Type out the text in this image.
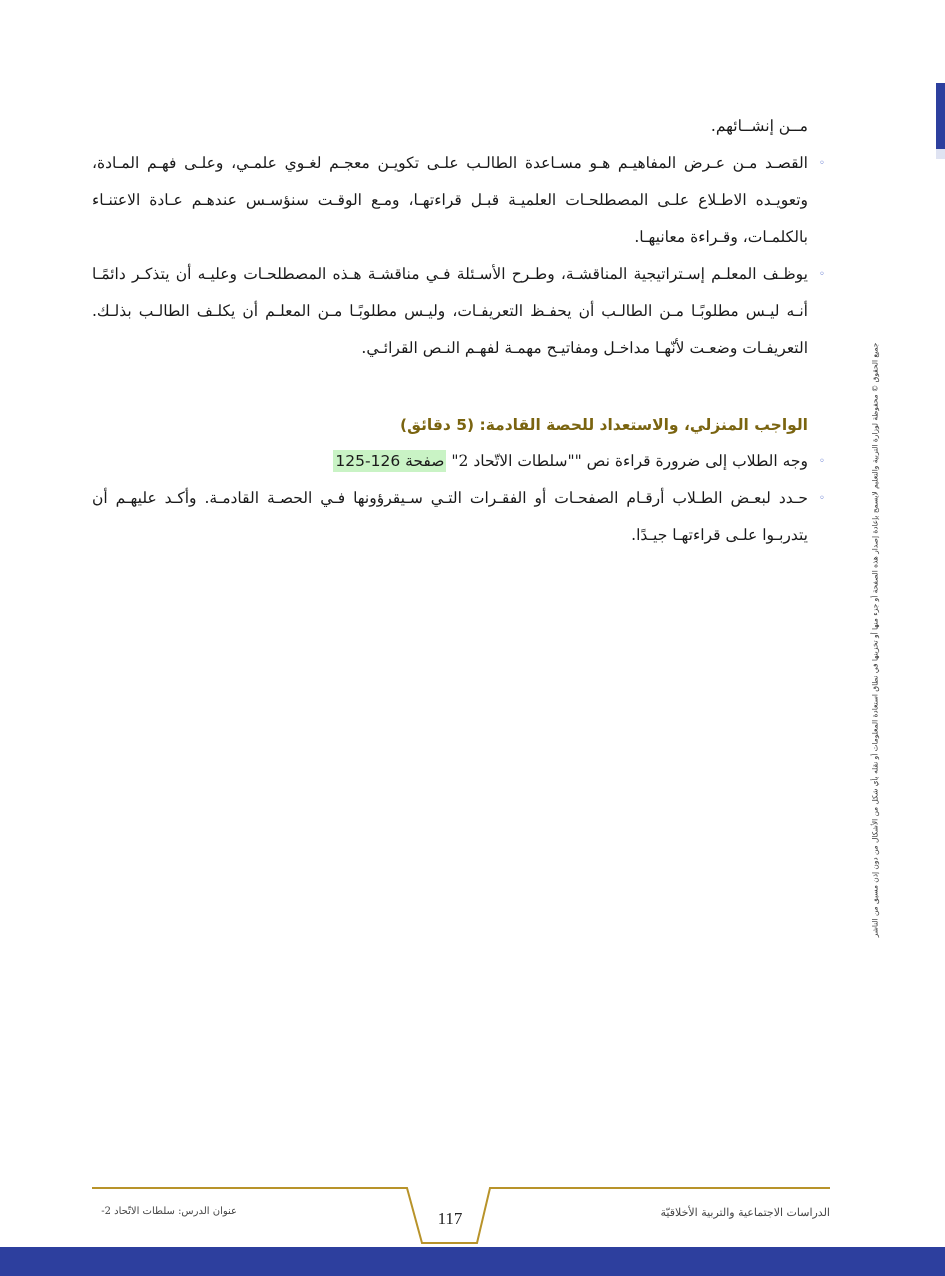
جميع الحقوق © محفوظة لوزارة التربية والتعليم لايسمح بإعادة إصدار هذه الصفحة أو جزء منها أو تخزينها في نطاق استعادة المعلومات أو نقله بأي شكل من الأشكال من دون إذن مسبق من الناشر

مــن إنشــائهم.

◦

القصـد مـن عـرض المفاهيـم هـو مسـاعدة الطالـب علـى تكويـن معجـم لغـوي علمـي، وعلـى فهـم المـادة، وتعويـده الاطـلاع علـى المصطلحـات العلميـة قبـل قراءتهـا، ومـع الوقـت سنؤسـس عندهـم عـادة الاعتنـاء بالكلمـات، وقـراءة معانيهـا.

◦

يوظـف المعلـم إسـتراتيجية المناقشـة، وطـرح الأسـئلة فـي مناقشـة هـذه المصطلحـات وعليـه أن يتذكـر دائمًـا أنـه ليـس مطلوبًـا مـن الطالـب أن يحفـظ التعريفـات، وليـس مطلوبًـا مـن المعلـم أن يكلـف الطالـب بذلـك. التعريفـات وضعـت لأنّهـا مداخـل ومفاتيـح مهمـة لفهـم النـص القرائـي.

الواجب المنزلي، والاستعداد للحصة القادمة: (5 دقائق)

◦

وجه الطلاب إلى ضرورة قراءة نص ""سلطات الاتّحاد 2" صفحة 126-125

◦

حـدد لبعـض الطـلاب أرقـام الصفحـات أو الفقـرات التـي سـيقرؤونها فـي الحصـة القادمـة. وأكـد عليهـم أن يتدربـوا علـى قراءتهـا جيـدًا.

الدراسات الاجتماعية والتربية الأخلاقيّة
117
عنوان الدرس: سلطات الاتّحاد 2-
